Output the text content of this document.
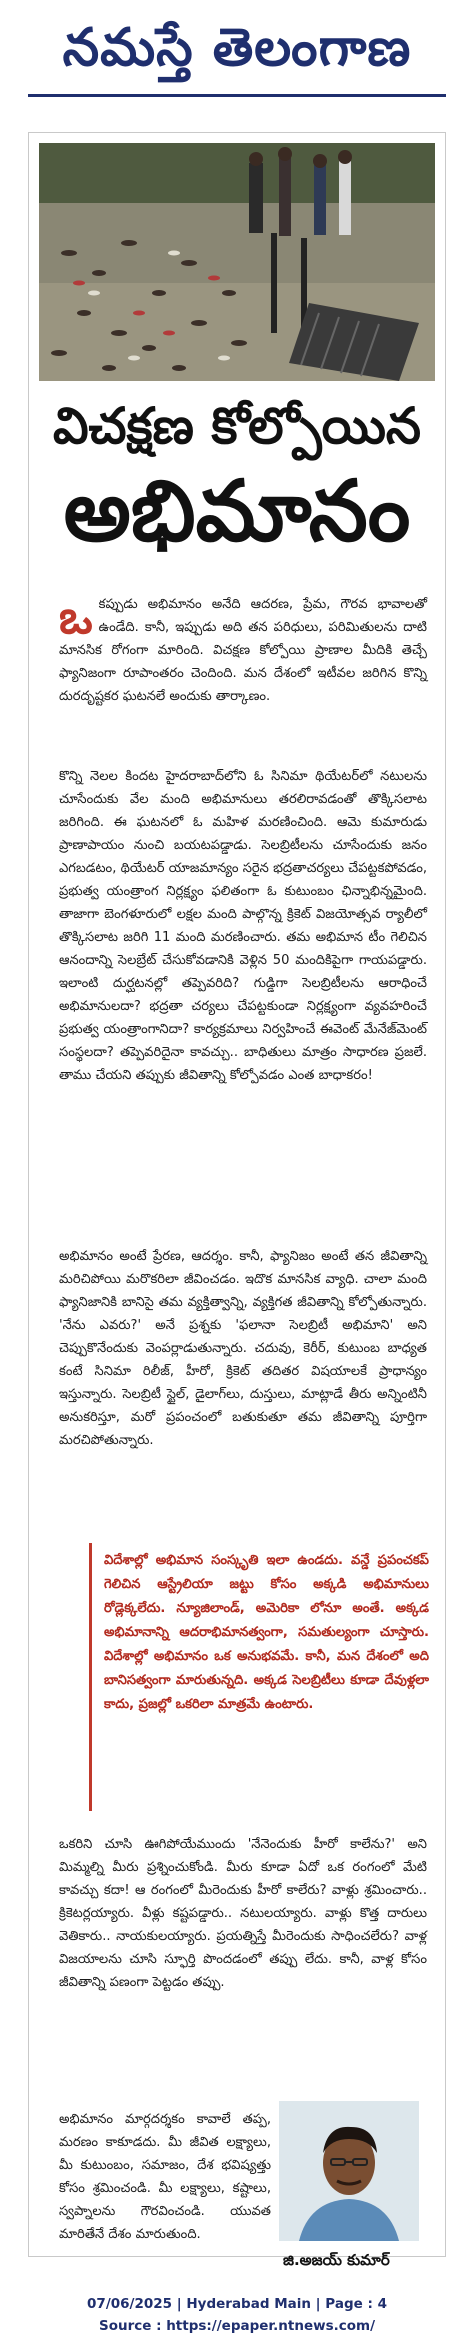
నమస్తే తెలంగాణ
విచక్షణ కోల్పోయిన
అభిమానం
ఒకప్పుడు అభిమానం అనేది ఆదరణ, ప్రేమ, గౌరవ భావాలతో ఉండేది. కానీ, ఇప్పుడు అది తన పరిధులు, పరిమితులను దాటి మానసిక రోగంగా మారింది. విచక్షణ కోల్పోయి ప్రాణాల మీదికి తెచ్చే ఫ్యానిజంగా రూపాంతరం చెందింది. మన దేశంలో ఇటీవల జరిగిన కొన్ని దురదృష్టకర ఘటనలే అందుకు తార్కాణం.
కొన్ని నెలల కిందట హైదరాబాద్‌లోని ఓ సినిమా థియేటర్‌లో నటులను చూసేందుకు వేల మంది అభిమానులు తరలిరావడంతో తొక్కిసలాట జరిగింది. ఈ ఘటనలో ఓ మహిళ మరణించింది. ఆమె కుమారుడు ప్రాణాపాయం నుంచి బయటపడ్డాడు. సెలబ్రిటీలను చూసేందుకు జనం ఎగబడటం, థియేటర్ యాజమాన్యం సరైన భద్రతాచర్యలు చేపట్టకపోవడం, ప్రభుత్వ యంత్రాంగ నిర్లక్ష్యం ఫలితంగా ఓ కుటుంబం ఛిన్నాభిన్నమైంది. తాజాగా బెంగళూరులో లక్షల మంది పాల్గొన్న క్రికెట్ విజయోత్సవ ర్యాలీలో తొక్కిసలాట జరిగి 11 మంది మరణించారు. తమ అభిమాన టీం గెలిచిన ఆనందాన్ని సెలబ్రేట్ చేసుకోవడానికి వెళ్లిన 50 మందికిపైగా గాయపడ్డారు. ఇలాంటి దుర్ఘటనల్లో తప్పెవరిది? గుడ్డిగా సెలబ్రిటీలను ఆరాధించే అభిమానులదా? భద్రతా చర్యలు చేపట్టకుండా నిర్లక్ష్యంగా వ్యవహరించే ప్రభుత్వ యంత్రాంగానిదా? కార్యక్రమాలు నిర్వహించే ఈవెంట్ మేనేజ్‌మెంట్ సంస్థలదా? తప్పెవరిదైనా కావచ్చు.. బాధితులు మాత్రం సాధారణ ప్రజలే. తాము చేయని తప్పుకు జీవితాన్ని కోల్పోవడం ఎంత బాధాకరం!
అభిమానం అంటే ప్రేరణ, ఆదర్శం. కానీ, ఫ్యానిజం అంటే తన జీవితాన్ని మరిచిపోయి మరొకరిలా జీవించడం. ఇదొక మానసిక వ్యాధి. చాలా మంది ఫ్యానిజానికి బానిసై తమ వ్యక్తిత్వాన్ని, వ్యక్తిగత జీవితాన్ని కోల్పోతున్నారు. 'నేను ఎవరు?' అనే ప్రశ్నకు 'ఫలానా సెలబ్రిటీ అభిమాని' అని చెప్పుకొనేందుకు వెంపర్లాడుతున్నారు. చదువు, కెరీర్, కుటుంబ బాధ్యత కంటే సినిమా రిలీజ్, హీరో, క్రికెట్ తదితర విషయాలకే ప్రాధాన్యం ఇస్తున్నారు. సెలబ్రిటీ స్టైల్, డైలాగ్‌లు, దుస్తులు, మాట్లాడే తీరు అన్నింటినీ అనుకరిస్తూ, మరో ప్రపంచంలో బతుకుతూ తమ జీవితాన్ని పూర్తిగా మరచిపోతున్నారు.
విదేశాల్లో అభిమాన సంస్కృతి ఇలా ఉండదు. వన్డే ప్రపంచకప్ గెలిచిన ఆస్ట్రేలియా జట్టు కోసం అక్కడి అభిమానులు రోడ్లెక్కలేదు. న్యూజిలాండ్, అమెరికా లోనూ అంతే. అక్కడ అభిమానాన్ని ఆదరాభిమానత్వంగా, సమతుల్యంగా చూస్తారు. విదేశాల్లో అభిమానం ఒక అనుభవమే. కానీ, మన దేశంలో అది బానిసత్వంగా మారుతున్నది. అక్కడ సెలబ్రిటీలు కూడా దేవుళ్లలా కాదు, ప్రజల్లో ఒకరిలా మాత్రమే ఉంటారు.
ఒకరిని చూసి ఊగిపోయేముందు 'నేనెందుకు హీరో కాలేను?' అని మిమ్మల్ని మీరు ప్రశ్నించుకోండి. మీరు కూడా ఏదో ఒక రంగంలో మేటి కావచ్చు కదా! ఆ రంగంలో మీరెందుకు హీరో కాలేరు? వాళ్లు శ్రమించారు.. క్రికెటర్లయ్యారు. వీళ్లు కష్టపడ్డారు.. నటులయ్యారు. వాళ్లు కొత్త దారులు వెతికారు.. నాయకులయ్యారు. ప్రయత్నిస్తే మీరెందుకు సాధించలేరు? వాళ్ల విజయాలను చూసి స్ఫూర్తి పొందడంలో తప్పు లేదు. కానీ, వాళ్ల కోసం జీవితాన్ని పణంగా పెట్టడం తప్పు.
అభిమానం మార్గదర్శకం కావాలే తప్ప, మరణం కాకూడదు. మీ జీవిత లక్ష్యాలు, మీ కుటుంబం, సమాజం, దేశ భవిష్యత్తు కోసం శ్రమించండి. మీ లక్ష్యాలు, కష్టాలు, స్వప్నాలను గౌరవించండి. యువత మారితేనే దేశం మారుతుంది.
జి.అజయ్ కుమార్
07/06/2025 | Hyderabad Main | Page : 4
Source : https://epaper.ntnews.com/
